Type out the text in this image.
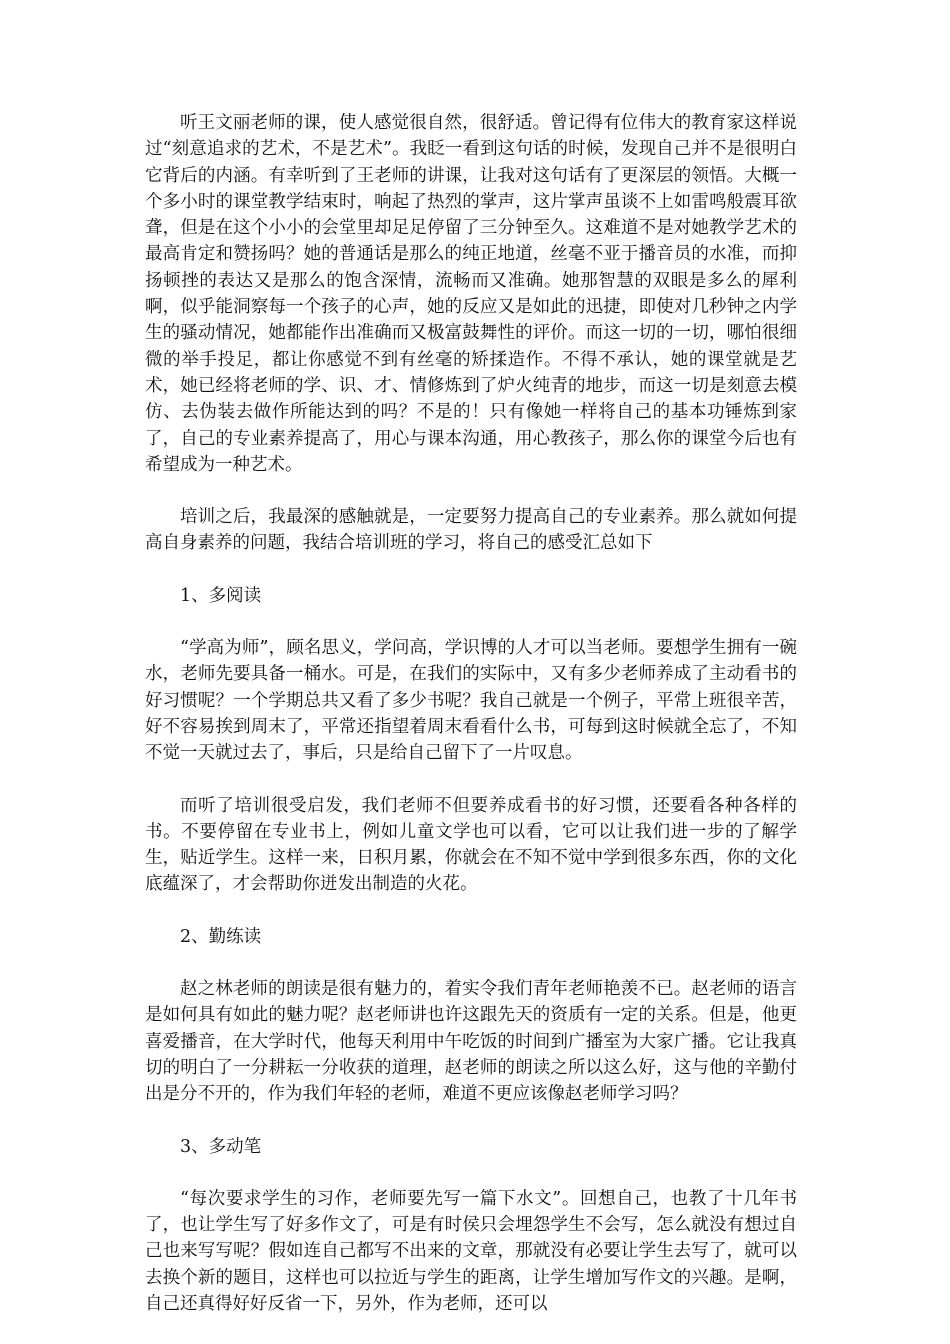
听王文丽老师的课，使人感觉很自然，很舒适。曾记得有位伟大的教育家这样说过“刻意追求的艺术，不是艺术”。我眨一看到这句话的时候，发现自己并不是很明白它背后的内涵。有幸听到了王老师的讲课，让我对这句话有了更深层的领悟。大概一个多小时的课堂教学结束时，响起了热烈的掌声，这片掌声虽谈不上如雷鸣般震耳欲聋，但是在这个小小的会堂里却足足停留了三分钟至久。这难道不是对她教学艺术的最高肯定和赞扬吗？她的普通话是那么的纯正地道，丝毫不亚于播音员的水准，而抑扬顿挫的表达又是那么的饱含深情，流畅而又准确。她那智慧的双眼是多么的犀利啊，似乎能洞察每一个孩子的心声，她的反应又是如此的迅捷，即使对几秒钟之内学生的骚动情况，她都能作出准确而又极富鼓舞性的评价。而这一切的一切，哪怕很细微的举手投足，都让你感觉不到有丝毫的矫揉造作。不得不承认，她的课堂就是艺术，她已经将老师的学、识、才、情修炼到了炉火纯青的地步，而这一切是刻意去模仿、去伪装去做作所能达到的吗？不是的！只有像她一样将自己的基本功锤炼到家了，自己的专业素养提高了，用心与课本沟通，用心教孩子，那么你的课堂今后也有希望成为一种艺术。

培训之后，我最深的感触就是，一定要努力提高自己的专业素养。那么就如何提高自身素养的问题，我结合培训班的学习，将自己的感受汇总如下

1、多阅读

“学高为师”，顾名思义，学问高，学识博的人才可以当老师。要想学生拥有一碗水，老师先要具备一桶水。可是，在我们的实际中，又有多少老师养成了主动看书的好习惯呢？一个学期总共又看了多少书呢？我自己就是一个例子，平常上班很辛苦，好不容易挨到周末了，平常还指望着周末看看什么书，可每到这时候就全忘了，不知不觉一天就过去了，事后，只是给自己留下了一片叹息。

而听了培训很受启发，我们老师不但要养成看书的好习惯，还要看各种各样的书。不要停留在专业书上，例如儿童文学也可以看，它可以让我们进一步的了解学生，贴近学生。这样一来，日积月累，你就会在不知不觉中学到很多东西，你的文化底蕴深了，才会帮助你迸发出制造的火花。

2、勤练读

赵之林老师的朗读是很有魅力的，着实令我们青年老师艳羡不已。赵老师的语言是如何具有如此的魅力呢？赵老师讲也许这跟先天的资质有一定的关系。但是，他更喜爱播音，在大学时代，他每天利用中午吃饭的时间到广播室为大家广播。它让我真切的明白了一分耕耘一分收获的道理，赵老师的朗读之所以这么好，这与他的辛勤付出是分不开的，作为我们年轻的老师，难道不更应该像赵老师学习吗？

3、多动笔

“每次要求学生的习作，老师要先写一篇下水文”。回想自己，也教了十几年书了，也让学生写了好多作文了，可是有时侯只会埋怨学生不会写，怎么就没有想过自己也来写写呢？假如连自己都写不出来的文章，那就没有必要让学生去写了，就可以去换个新的题目，这样也可以拉近与学生的距离，让学生增加写作文的兴趣。是啊，自己还真得好好反省一下，另外，作为老师，还可以
